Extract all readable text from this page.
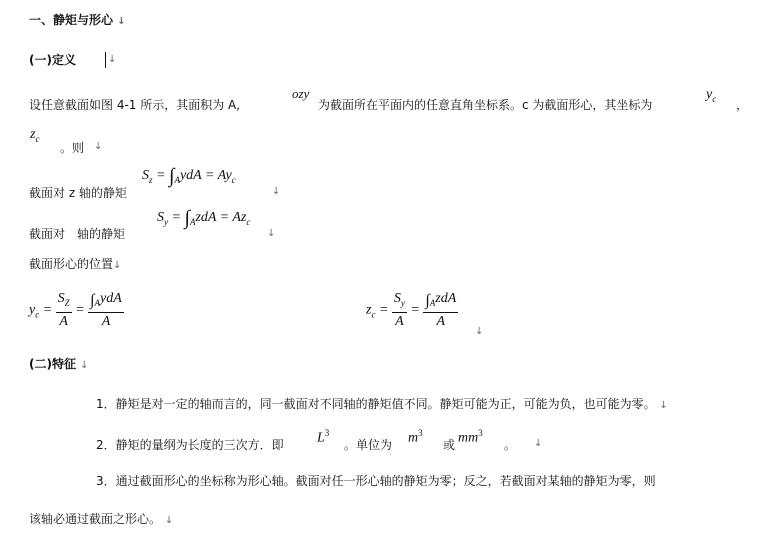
一、静矩与形心 ↓
(一)定义	↓
设任意截面如图 4-1 所示，其面积为 A,
ozy
为截面所在平面内的任意直角坐标系。c 为截面形心，其坐标为
$y_c$ ，
$z_c$
。则 ↓
截面对 z 轴的静矩
$S_z = \int_AydA = Ay_c$
↓
截面对　轴的静矩
$S_y = \int_AzdA = Az_c$
↓
截面形心的位置↓
$y_c = \frac{S_Z}{A} = \frac{\int_AydA}{A}$	$z_c = \frac{S_y}{A} = \frac{\int_AzdA}{A}$
↓
(二)特征 ↓
1．静矩是对一定的轴而言的，同一截面对不同轴的静矩值不同。静矩可能为正，可能为负，也可能为零。 ↓
2．静矩的量纲为长度的三次方．即 $L^3$
。单位为 $m^3$
或 $mm^3$
。 ↓
3．通过截面形心的坐标称为形心轴。截面对任一形心轴的静矩为零；反之，若截面对某轴的静矩为零，则
该轴必通过截面之形心。 ↓
